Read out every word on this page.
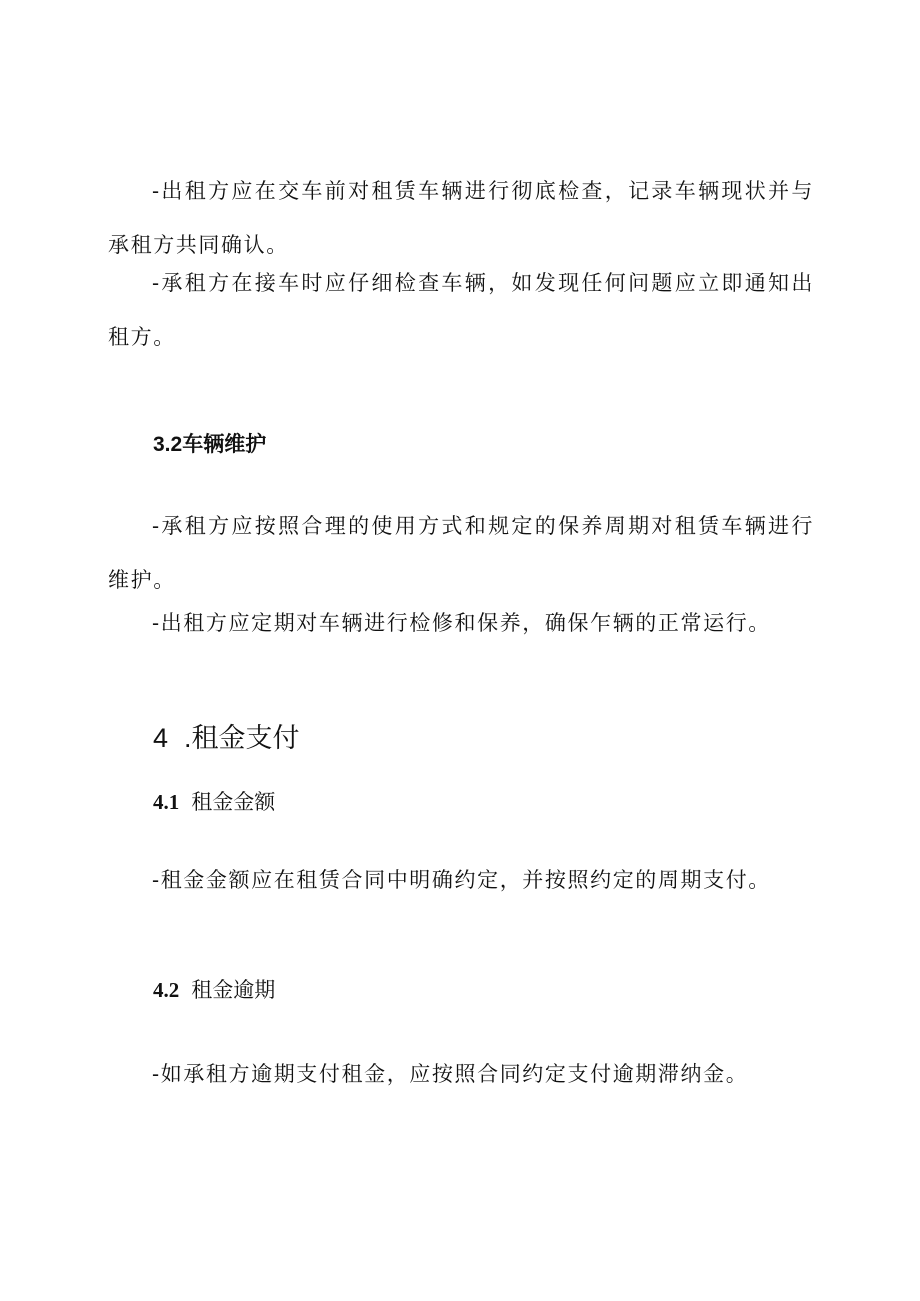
-出租方应在交车前对租赁车辆进行彻底检查，记录车辆现状并与承租方共同确认。

-承租方在接车时应仔细检查车辆，如发现任何问题应立即通知出租方。

3.2车辆维护

-承租方应按照合理的使用方式和规定的保养周期对租赁车辆进行维护。

-出租方应定期对车辆进行检修和保养，确保乍辆的正常运行。

4 .租金支付
4.1 租金金额

-租金金额应在租赁合同中明确约定，并按照约定的周期支付。

4.2 租金逾期

-如承租方逾期支付租金，应按照合同约定支付逾期滞纳金。
